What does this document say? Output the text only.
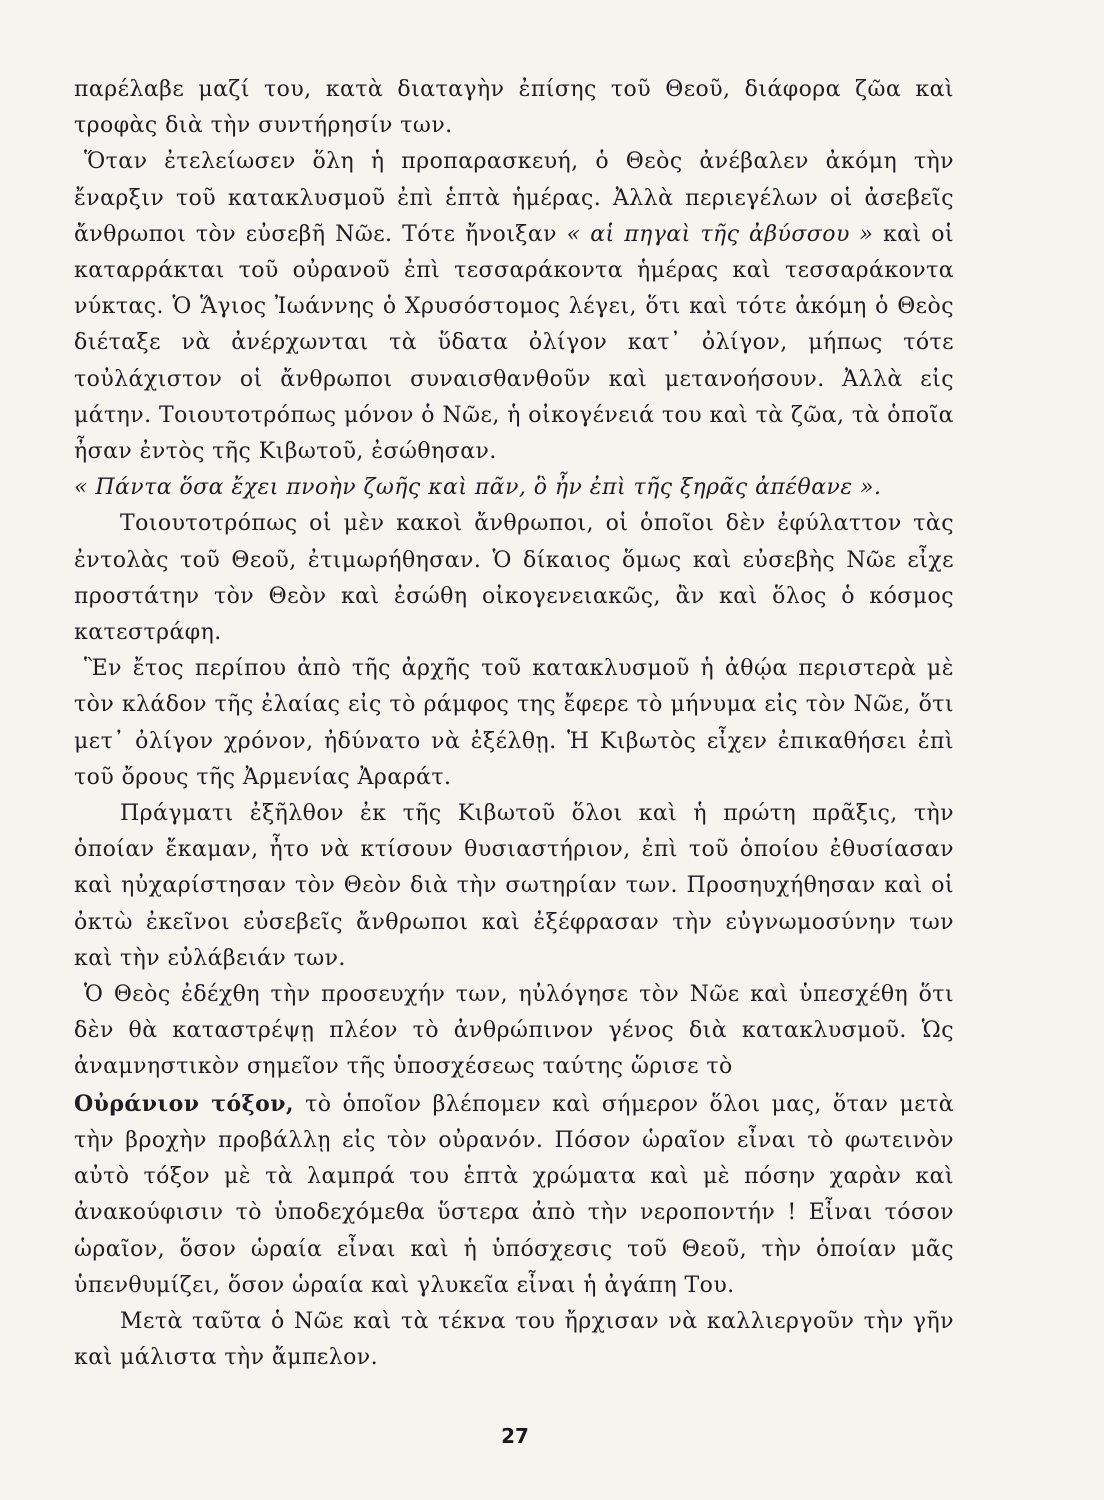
παρέλαβε μαζί του, κατὰ διαταγὴν ἐπίσης τοῦ Θεοῦ, διάφορα ζῶα καὶ τροφὰς διὰ τὴν συντήρησίν των.

Ὅταν ἐτελείωσεν ὅλη ἡ προπαρασκευή, ὁ Θεὸς ἀνέβαλεν ἀκόμη τὴν ἔναρξιν τοῦ κατακλυσμοῦ ἐπὶ ἑπτὰ ἡμέρας. Ἀλλὰ περιεγέλων οἱ ἀσεβεῖς ἄνθρωποι τὸν εὐσεβῆ Νῶε. Τότε ἤνοιξαν « αἱ πηγαὶ τῆς ἀβύσσου » καὶ οἱ καταρράκται τοῦ οὐρανοῦ ἐπὶ τεσσαράκοντα ἡμέρας καὶ τεσσαράκοντα νύκτας. Ὁ Ἅγιος Ἰωάννης ὁ Χρυσόστομος λέγει, ὅτι καὶ τότε ἀκόμη ὁ Θεὸς διέταξε νὰ ἀνέρχωνται τὰ ὕδατα ὀλίγον κατ᾽ ὀλίγον, μήπως τότε τοὐλάχιστον οἱ ἄνθρωποι συναισθανθοῦν καὶ μετανοήσουν. Ἀλλὰ εἰς μάτην. Τοιουτοτρόπως μόνον ὁ Νῶε, ἡ οἰκογένειά του καὶ τὰ ζῶα, τὰ ὁποῖα ἦσαν ἐντὸς τῆς Κιβωτοῦ, ἐσώθησαν.
« Πάντα ὅσα ἔχει πνοὴν ζωῆς καὶ πᾶν, ὃ ἦν ἐπὶ τῆς ξηρᾶς ἀπέθανε ».

Τοιουτοτρόπως οἱ μὲν κακοὶ ἄνθρωποι, οἱ ὁποῖοι δὲν ἐφύλαττον τὰς ἐντολὰς τοῦ Θεοῦ, ἐτιμωρήθησαν. Ὁ δίκαιος ὅμως καὶ εὐσεβὴς Νῶε εἶχε προστάτην τὸν Θεὸν καὶ ἐσώθη οἰκογενειακῶς, ἂν καὶ ὅλος ὁ κόσμος κατεστράφη.

Ἓν ἔτος περίπου ἀπὸ τῆς ἀρχῆς τοῦ κατακλυσμοῦ ἡ ἀθῴα περιστερὰ μὲ τὸν κλάδον τῆς ἐλαίας εἰς τὸ ράμφος της ἔφερε τὸ μήνυμα εἰς τὸν Νῶε, ὅτι μετ᾽ ὀλίγον χρόνον, ἠδύνατο νὰ ἐξέλθῃ. Ἡ Κιβωτὸς εἶχεν ἐπικαθήσει ἐπὶ τοῦ ὄρους τῆς Ἀρμενίας Ἀραράτ.

Πράγματι ἐξῆλθον ἐκ τῆς Κιβωτοῦ ὅλοι καὶ ἡ πρώτη πρᾶξις, τὴν ὁποίαν ἔκαμαν, ἦτο νὰ κτίσουν θυσιαστήριον, ἐπὶ τοῦ ὁποίου ἐθυσίασαν καὶ ηὐχαρίστησαν τὸν Θεὸν διὰ τὴν σωτηρίαν των. Προσηυχήθησαν καὶ οἱ ὀκτὼ ἐκεῖνοι εὐσεβεῖς ἄνθρωποι καὶ ἐξέφρασαν τὴν εὐγνωμοσύνην των καὶ τὴν εὐλάβειάν των.

Ὁ Θεὸς ἐδέχθη τὴν προσευχήν των, ηὐλόγησε τὸν Νῶε καὶ ὑπεσχέθη ὅτι δὲν θὰ καταστρέψῃ πλέον τὸ ἀνθρώπινον γένος διὰ κατακλυσμοῦ. Ὡς ἀναμνηστικὸν σημεῖον τῆς ὑποσχέσεως ταύτης ὥρισε τὸ
Οὐράνιον τόξον, τὸ ὁποῖον βλέπομεν καὶ σήμερον ὅλοι μας, ὅταν μετὰ τὴν βροχὴν προβάλλῃ εἰς τὸν οὐρανόν. Πόσον ὡραῖον εἶναι τὸ φωτεινὸν αὐτὸ τόξον μὲ τὰ λαμπρά του ἑπτὰ χρώματα καὶ μὲ πόσην χαρὰν καὶ ἀνακούφισιν τὸ ὑποδεχόμεθα ὕστερα ἀπὸ τὴν νεροποντήν ! Εἶναι τόσον ὡραῖον, ὅσον ὡραία εἶναι καὶ ἡ ὑπόσχεσις τοῦ Θεοῦ, τὴν ὁποίαν μᾶς ὑπενθυμίζει, ὅσον ὡραία καὶ γλυκεῖα εἶναι ἡ ἀγάπη Του.

Μετὰ ταῦτα ὁ Νῶε καὶ τὰ τέκνα του ἤρχισαν νὰ καλλιεργοῦν τὴν γῆν καὶ μάλιστα τὴν ἄμπελον.

27
